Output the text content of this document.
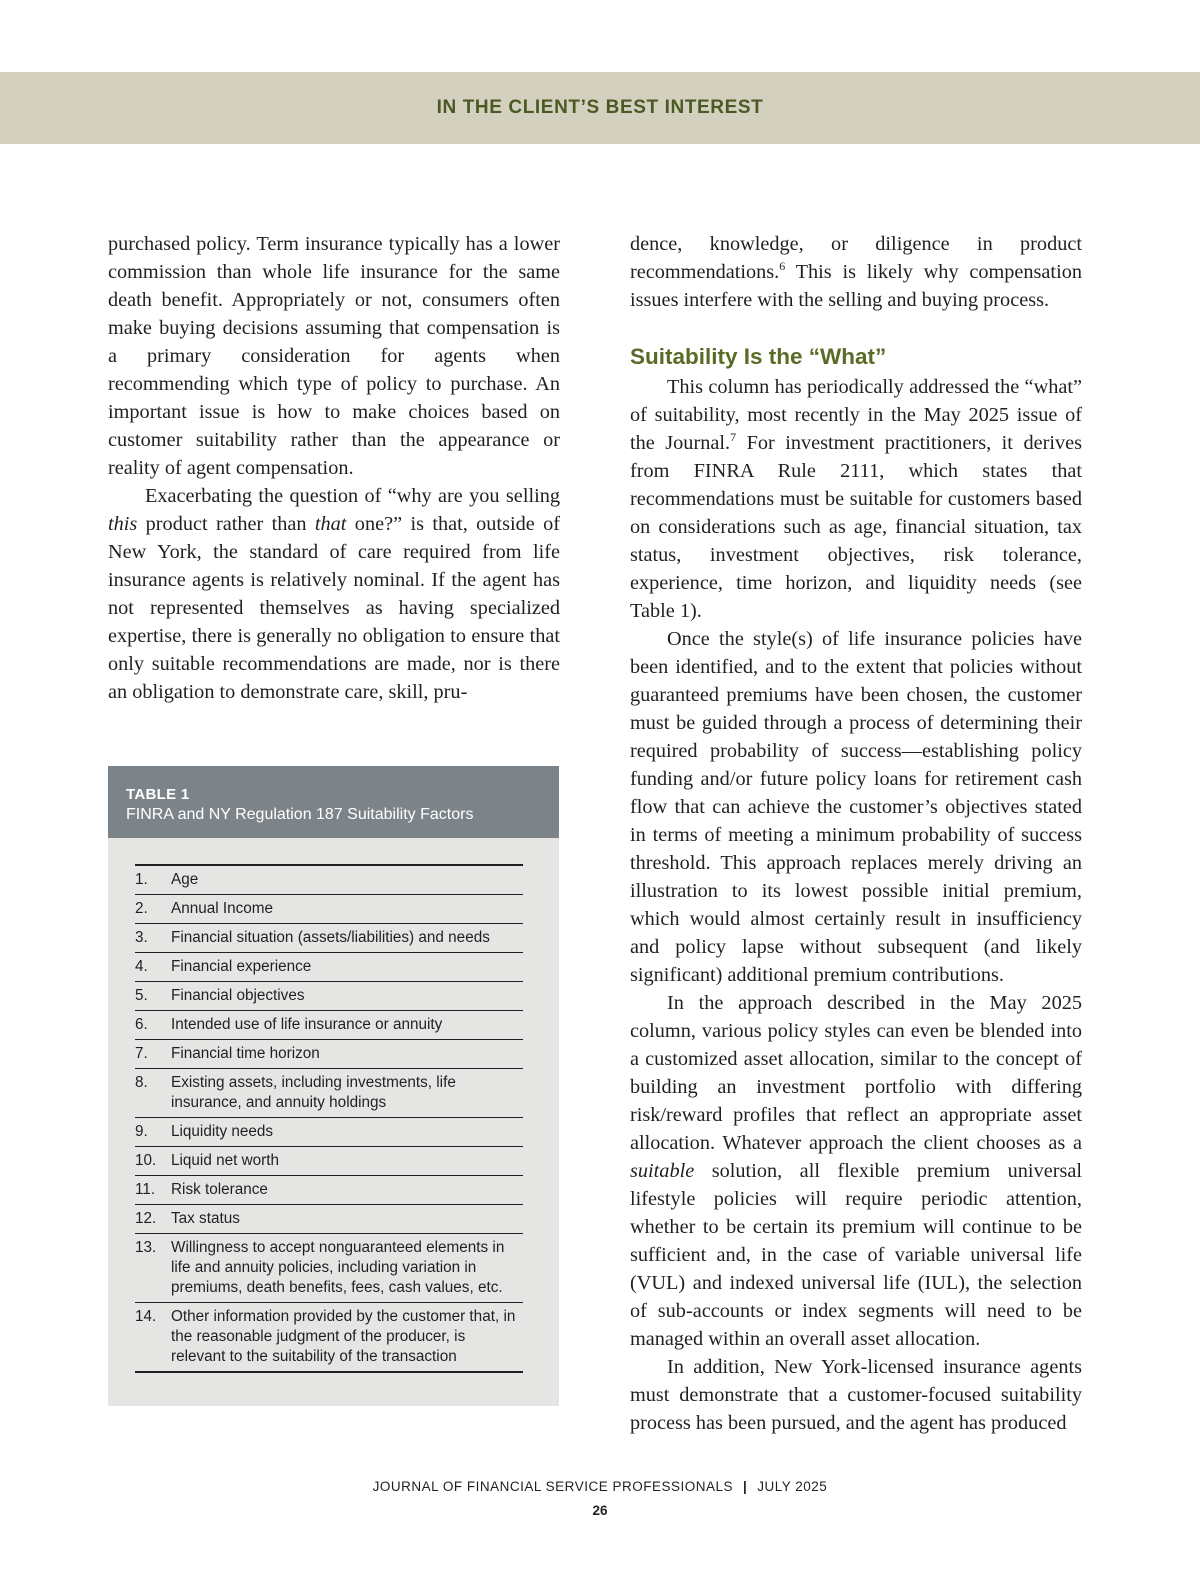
IN THE CLIENT’S BEST INTEREST

purchased policy. Term insurance typically has a lower commission than whole life insurance for the same death benefit. Appropriately or not, consumers often make buying decisions assuming that compensation is a primary consideration for agents when recommending which type of policy to purchase. An important issue is how to make choices based on customer suitability rather than the appearance or reality of agent compensation.

Exacerbating the question of “why are you selling this product rather than that one?” is that, outside of New York, the standard of care required from life insurance agents is relatively nominal. If the agent has not represented themselves as having specialized expertise, there is generally no obligation to ensure that only suitable recommendations are made, nor is there an obligation to demonstrate care, skill, pru-

TABLE 1
FINRA and NY Regulation 187 Suitability Factors
1.	Age
2.	Annual Income
3.	Financial situation (assets/liabilities) and needs
4.	Financial experience
5.	Financial objectives
6.	Intended use of life insurance or annuity
7.	Financial time horizon
8.	Existing assets, including investments, life insurance, and annuity holdings
9.	Liquidity needs
10. Liquid net worth
11.	Risk tolerance
12. Tax status
13. Willingness to accept nonguaranteed elements in life and annuity policies, including variation in premiums, death benefits, fees, cash values, etc.
14. Other information provided by the customer that, in the reasonable judgment of the producer, is relevant to the suitability of the transaction

dence, knowledge, or diligence in product recommendations.$^6$ This is likely why compensation issues interfere with the selling and buying process.

Suitability Is the “What”

This column has periodically addressed the “what” of suitability, most recently in the May 2025 issue of the Journal.$^7$ For investment practitioners, it derives from FINRA Rule 2111, which states that recommendations must be suitable for customers based on considerations such as age, financial situation, tax status, investment objectives, risk tolerance, experience, time horizon, and liquidity needs (see Table 1).

Once the style(s) of life insurance policies have been identified, and to the extent that policies without guaranteed premiums have been chosen, the customer must be guided through a process of determining their required probability of success—establishing policy funding and/or future policy loans for retirement cash flow that can achieve the customer’s objectives stated in terms of meeting a minimum probability of success threshold. This approach replaces merely driving an illustration to its lowest possible initial premium, which would almost certainly result in insufficiency and policy lapse without subsequent (and likely significant) additional premium contributions.

In the approach described in the May 2025 column, various policy styles can even be blended into a customized asset allocation, similar to the concept of building an investment portfolio with differing risk/reward profiles that reflect an appropriate asset allocation. Whatever approach the client chooses as a suitable solution, all flexible premium universal lifestyle policies will require periodic attention, whether to be certain its premium will continue to be sufficient and, in the case of variable universal life (VUL) and indexed universal life (IUL), the selection of sub-accounts or index segments will need to be managed within an overall asset allocation.

In addition, New York-licensed insurance agents must demonstrate that a customer-focused suitability process has been pursued, and the agent has produced

JOURNAL OF FINANCIAL SERVICE PROFESSIONALS | JULY 2025
26
